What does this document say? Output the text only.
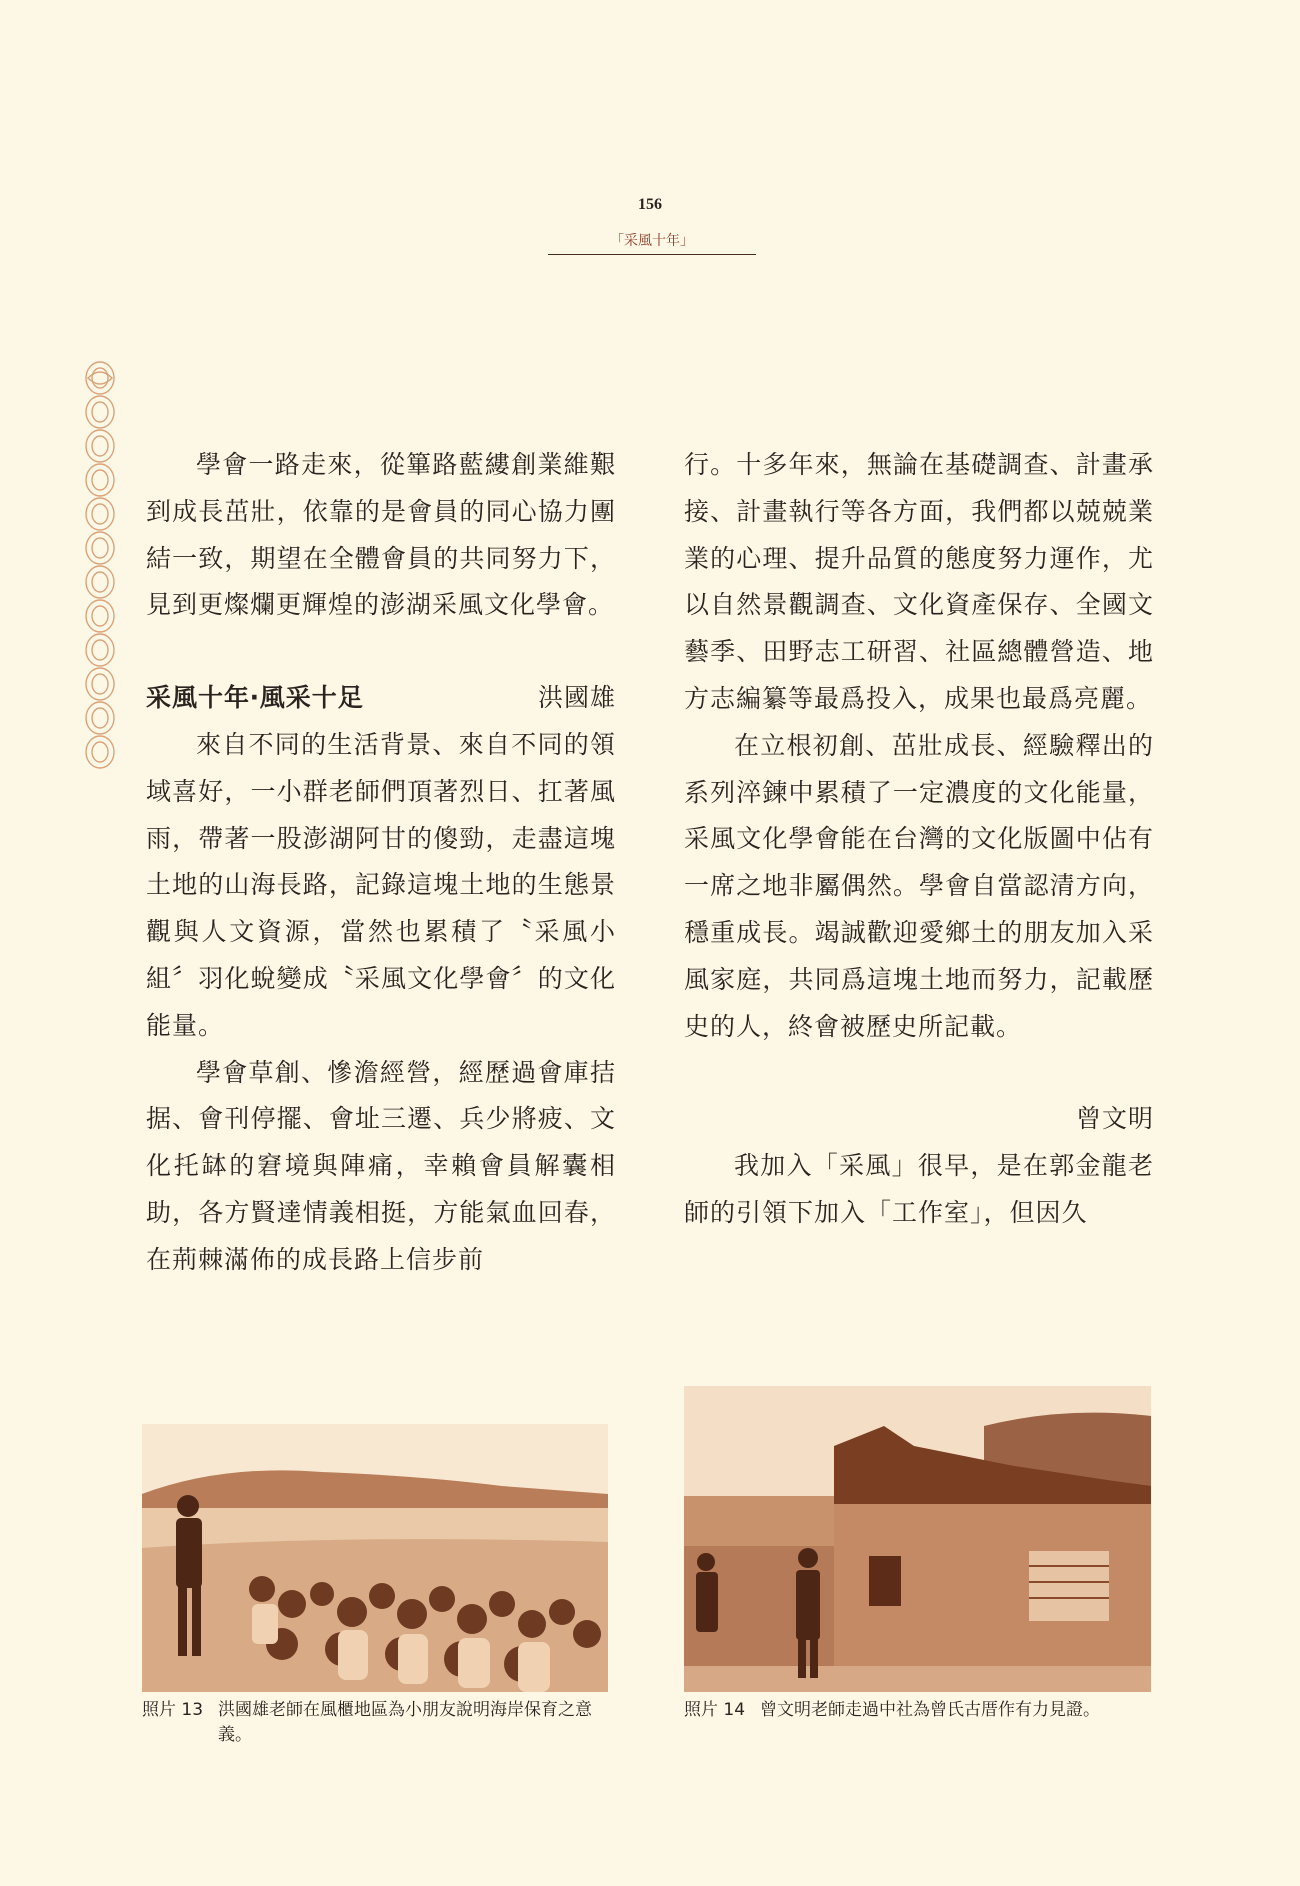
156
「采風十年」

學會一路走來，從篳路藍縷創業維艱到成長茁壯，依靠的是會員的同心協力團結一致，期望在全體會員的共同努力下，見到更燦爛更輝煌的澎湖采風文化學會。

采風十年‧風采十足	洪國雄

來自不同的生活背景、來自不同的領域喜好，一小群老師們頂著烈日、扛著風雨，帶著一股澎湖阿甘的傻勁，走盡這塊土地的山海長路，記錄這塊土地的生態景觀與人文資源，當然也累積了〝采風小組〞羽化蛻變成〝采風文化學會〞的文化能量。

學會草創、慘澹經營，經歷過會庫拮据、會刊停擺、會址三遷、兵少將疲、文化托缽的窘境與陣痛，幸賴會員解囊相助，各方賢達情義相挺，方能氣血回春，在荊棘滿佈的成長路上信步前

行。十多年來，無論在基礎調查、計畫承接、計畫執行等各方面，我們都以兢兢業業的心理、提升品質的態度努力運作，尤以自然景觀調查、文化資產保存、全國文藝季、田野志工研習、社區總體營造、地方志編纂等最爲投入，成果也最爲亮麗。

在立根初創、茁壯成長、經驗釋出的系列淬鍊中累積了一定濃度的文化能量，采風文化學會能在台灣的文化版圖中佔有一席之地非屬偶然。學會自當認清方向，穩重成長。竭誠歡迎愛鄉土的朋友加入采風家庭，共同爲這塊土地而努力，記載歷史的人，終會被歷史所記載。

曾文明

我加入「采風」很早，是在郭金龍老師的引領下加入「工作室」，但因久

照片 13 洪國雄老師在風櫃地區為小朋友說明海岸保育之意義。
照片 14 曾文明老師走過中社為曾氏古厝作有力見證。
